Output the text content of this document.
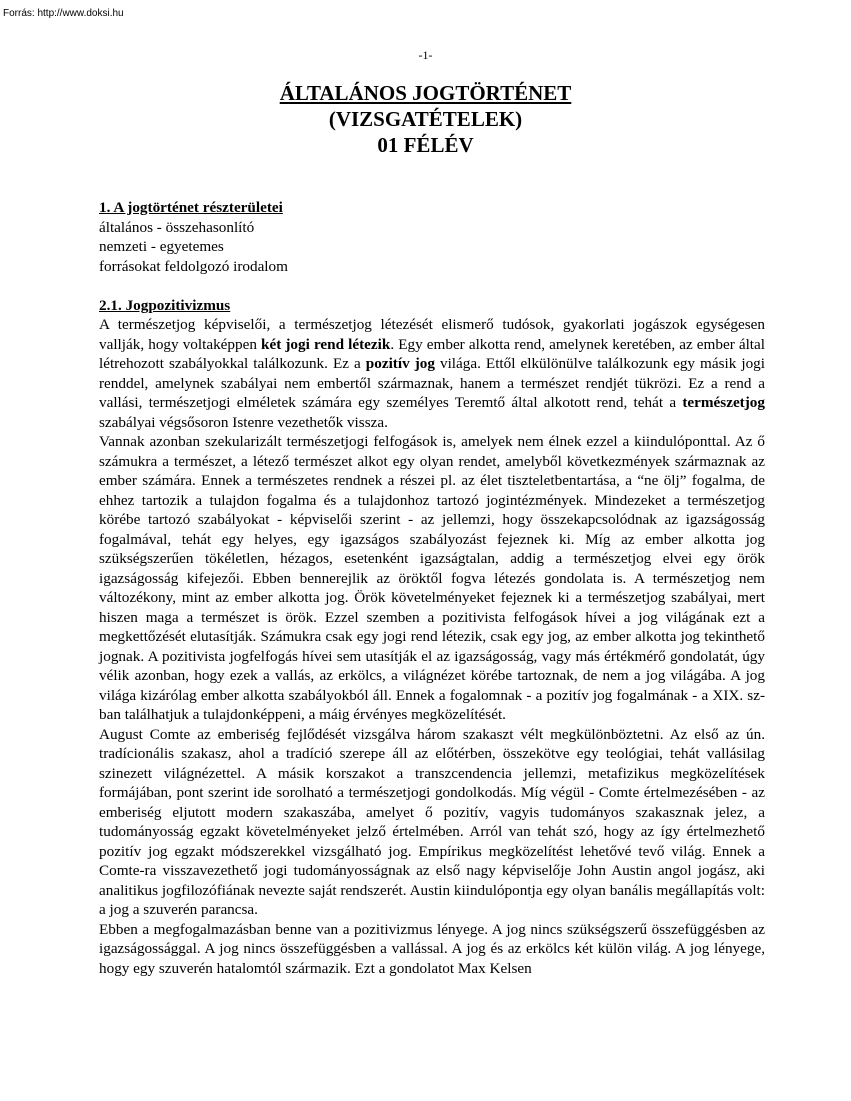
Forrás: http://www.doksi.hu
-1-
ÁLTALÁNOS JOGTÖRTÉNET
(VIZSGATÉTELEK)
01 FÉLÉV
1. A jogtörténet részterületei
általános - összehasonlító
nemzeti - egyetemes
forrásokat feldolgozó irodalom
2.1. Jogpozitivizmus

A természetjog képviselői, a természetjog létezését elismerő tudósok, gyakorlati jogászok egységesen vallják, hogy voltaképpen két jogi rend létezik. Egy ember alkotta rend, amelynek keretében, az ember által létrehozott szabályokkal találkozunk. Ez a pozitív jog világa. Ettől elkülönülve találkozunk egy másik jogi renddel, amelynek szabályai nem embertől származnak, hanem a természet rendjét tükrözi. Ez a rend a vallási, természetjogi elméletek számára egy személyes Teremtő által alkotott rend, tehát a természetjog szabályai végsősoron Istenre vezethetők vissza.

Vannak azonban szekularizált természetjogi felfogások is, amelyek nem élnek ezzel a kiindulóponttal. Az ő számukra a természet, a létező természet alkot egy olyan rendet, amelyből következmények származnak az ember számára. Ennek a természetes rendnek a részei pl. az élet tiszteletbentartása, a “ne ölj” fogalma, de ehhez tartozik a tulajdon fogalma és a tulajdonhoz tartozó jogintézmények. Mindezeket a természetjog körébe tartozó szabályokat - képviselői szerint - az jellemzi, hogy összekapcsolódnak az igazságosság fogalmával, tehát egy helyes, egy igazságos szabályozást fejeznek ki. Míg az ember alkotta jog szükségszerűen tökéletlen, hézagos, esetenként igazságtalan, addig a természetjog elvei egy örök igazságosság kifejezői. Ebben bennerejlik az öröktől fogva létezés gondolata is. A természetjog nem változékony, mint az ember alkotta jog. Örök követelményeket fejeznek ki a természetjog szabályai, mert hiszen maga a természet is örök. Ezzel szemben a pozitivista felfogások hívei a jog világának ezt a megkettőzését elutasítják. Számukra csak egy jogi rend létezik, csak egy jog, az ember alkotta jog tekinthető jognak. A pozitivista jogfelfogás hívei sem utasítják el az igazságosság, vagy más értékmérő gondolatát, úgy vélik azonban, hogy ezek a vallás, az erkölcs, a világnézet körébe tartoznak, de nem a jog világába. A jog világa kizárólag ember alkotta szabályokból áll. Ennek a fogalomnak - a pozitív jog fogalmának - a XIX. sz-ban találhatjuk a tulajdonképpeni, a máig érvényes megközelítését.

August Comte az emberiség fejlődését vizsgálva három szakaszt vélt megkülönböztetni. Az első az ún. tradícionális szakasz, ahol a tradíció szerepe áll az előtérben, összekötve egy teológiai, tehát vallásilag szinezett világnézettel. A másik korszakot a transzcendencia jellemzi, metafizikus megközelítések formájában, pont szerint ide sorolható a természetjogi gondolkodás. Míg végül - Comte értelmezésében - az emberiség eljutott modern szakaszába, amelyet ő pozitív, vagyis tudományos szakasznak jelez, a tudományosság egzakt követelményeket jelző értelmében. Arról van tehát szó, hogy az így értelmezhető pozitív jog egzakt módszerekkel vizsgálható jog. Empírikus megközelítést lehetővé tevő világ. Ennek a Comte-ra visszavezethető jogi tudományosságnak az első nagy képviselője John Austin angol jogász, aki analitikus jogfilozófiának nevezte saját rendszerét. Austin kiindulópontja egy olyan banális megállapítás volt: a jog a szuverén parancsa.

Ebben a megfogalmazásban benne van a pozitivizmus lényege. A jog nincs szükségszerű összefüggésben az igazságossággal. A jog nincs összefüggésben a vallással. A jog és az erkölcs két külön világ. A jog lényege, hogy egy szuverén hatalomtól származik. Ezt a gondolatot Max Kelsen
